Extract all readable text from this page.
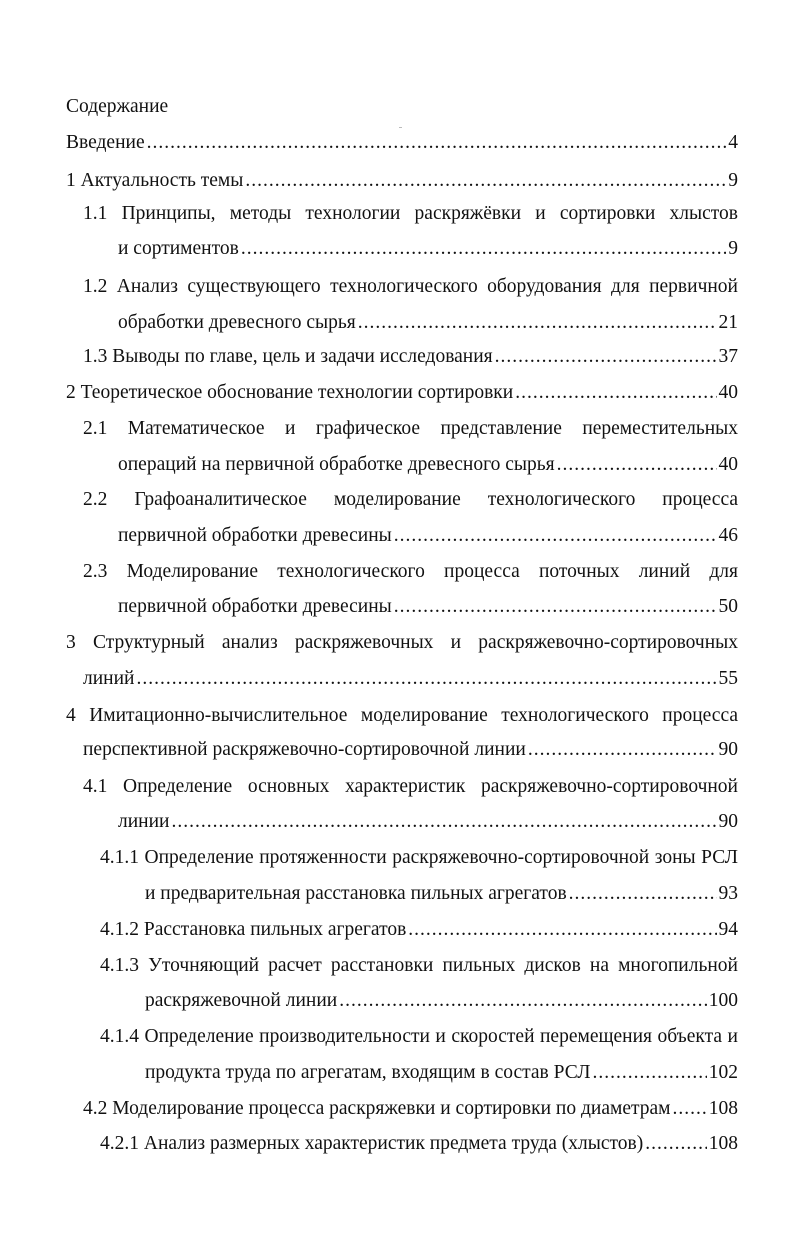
Содержание
Введение .....	4
1 Актуальность темы .....	9
1.1 Принципы, методы технологии раскряжёвки и сортировки хлыстов
и сортиментов .....	9
1.2 Анализ существующего технологического оборудования для первичной
обработки древесного сырья .....	21
1.3 Выводы по главе, цель и задачи исследования .....	37
2 Теоретическое обоснование технологии сортировки .....	40
2.1 Математическое и графическое представление переместительных
операций на первичной обработке древесного сырья .....	40
2.2 Графоаналитическое моделирование технологического процесса
первичной обработки древесины .....	46
2.3 Моделирование технологического процесса поточных линий для
первичной обработки древесины .....	50
3 Структурный анализ раскряжевочных и раскряжевочно-сортировочных
линий .....	55
4 Имитационно-вычислительное моделирование технологического процесса
перспективной раскряжевочно-сортировочной линии .....	90
4.1 Определение основных характеристик раскряжевочно-сортировочной
линии .....	90
4.1.1 Определение протяженности раскряжевочно-сортировочной зоны РСЛ
и предварительная расстановка пильных агрегатов .....	93
4.1.2 Расстановка пильных агрегатов .....	94
4.1.3 Уточняющий расчет расстановки пильных дисков на многопильной
раскряжевочной линии .....	100
4.1.4 Определение производительности и скоростей перемещения объекта и
продукта труда по агрегатам, входящим в состав РСЛ .....	102
4.2 Моделирование процесса раскряжевки и сортировки по диаметрам ..... 108
4.2.1 Анализ размерных характеристик предмета труда (хлыстов) .....	108
